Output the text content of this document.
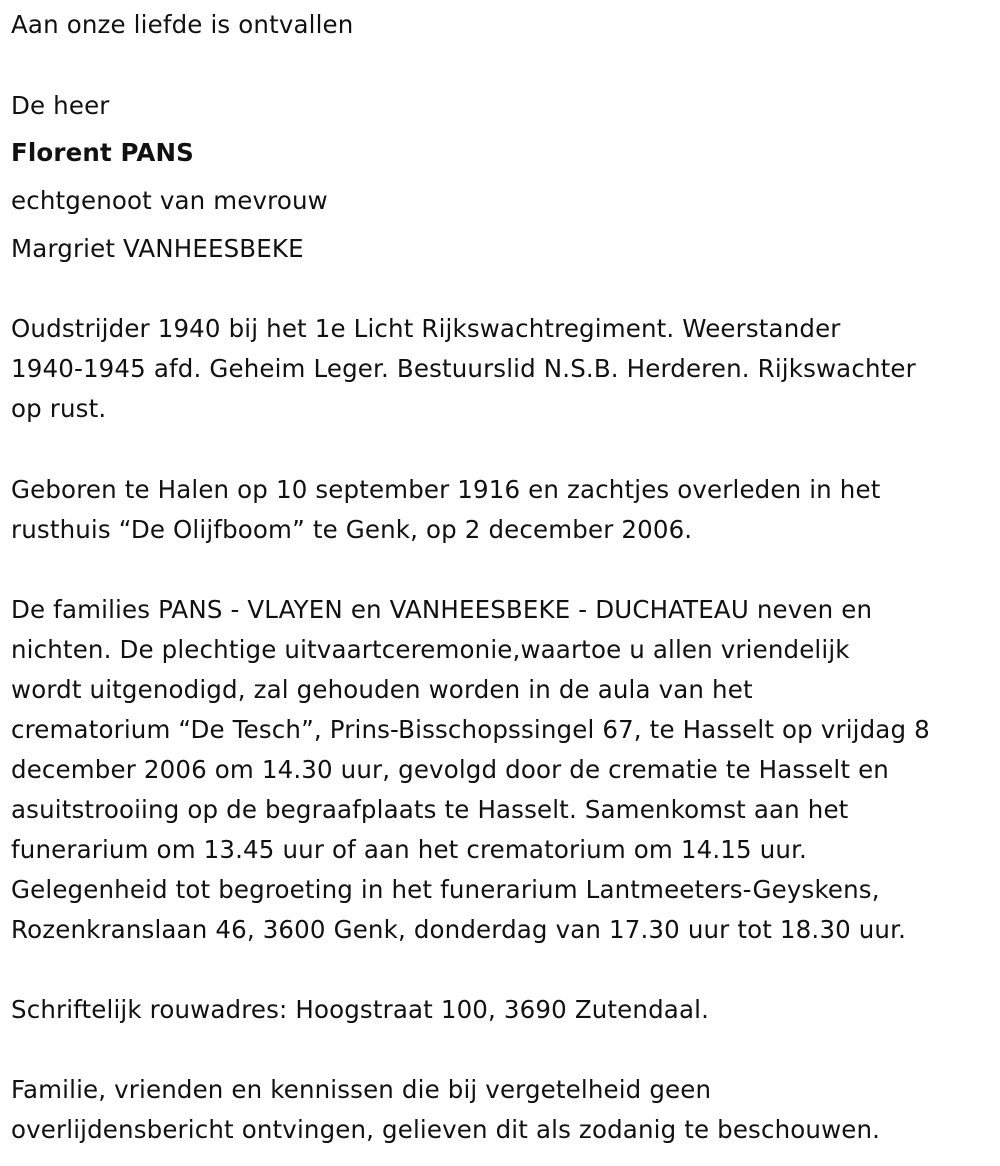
Aan onze liefde is ontvallen
De heer
Florent PANS
echtgenoot van mevrouw
Margriet VANHEESBEKE
Oudstrijder 1940 bij het 1e Licht Rijkswachtregiment. Weerstander
1940-1945 afd. Geheim Leger. Bestuurslid N.S.B. Herderen. Rijkswachter
op rust.
Geboren te Halen op 10 september 1916 en zachtjes overleden in het
rusthuis “De Olijfboom” te Genk, op 2 december 2006.
De families PANS - VLAYEN en VANHEESBEKE - DUCHATEAU neven en
nichten. De plechtige uitvaartceremonie,waartoe u allen vriendelijk
wordt uitgenodigd, zal gehouden worden in de aula van het
crematorium “De Tesch”, Prins-Bisschopssingel 67, te Hasselt op vrijdag 8
december 2006 om 14.30 uur, gevolgd door de crematie te Hasselt en
asuitstrooiing op de begraafplaats te Hasselt. Samenkomst aan het
funerarium om 13.45 uur of aan het crematorium om 14.15 uur.
Gelegenheid tot begroeting in het funerarium Lantmeeters-Geyskens,
Rozenkranslaan 46, 3600 Genk, donderdag van 17.30 uur tot 18.30 uur.
Schriftelijk rouwadres: Hoogstraat 100, 3690 Zutendaal.
Familie, vrienden en kennissen die bij vergetelheid geen
overlijdensbericht ontvingen, gelieven dit als zodanig te beschouwen.
